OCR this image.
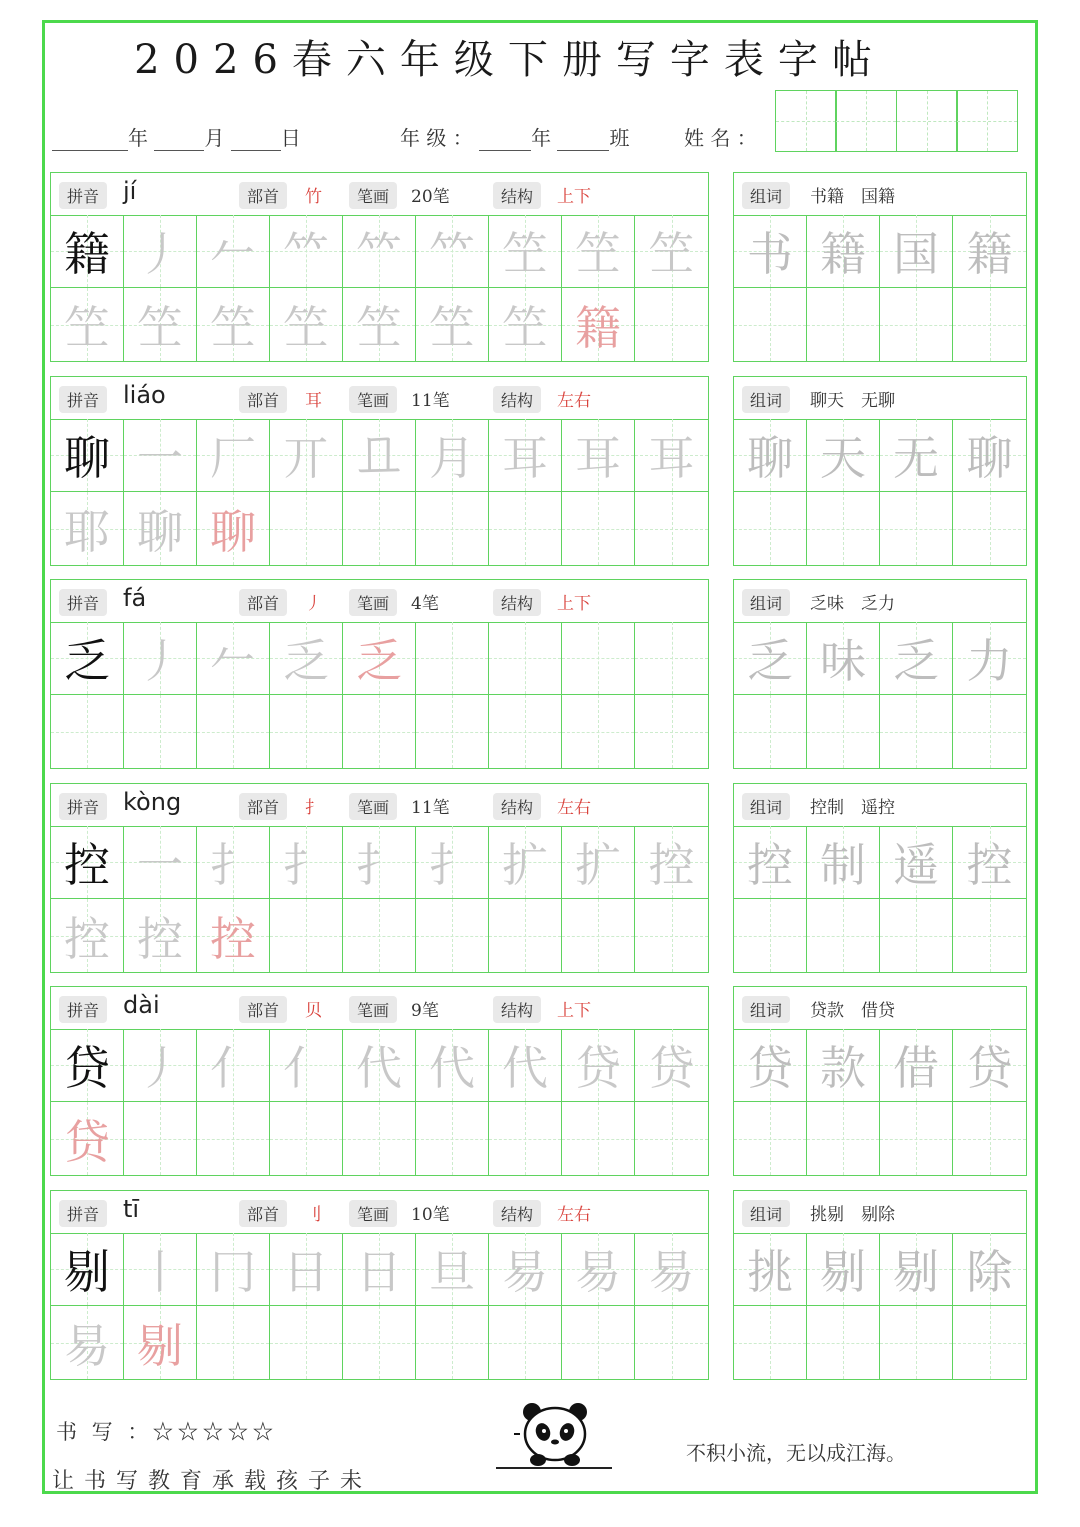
2026春六年级下册写字表字帖
年	月	日	年 级 ：	年	班	姓 名 ：
拼音 jí	部首	竹	笔画	20笔	结构	上下
籍 丿 𠂉 𥫗 𥫗 𥫗 笁 笁 笁
笁 笁 笁 笁 笁 笁 笁 籍
组词	书籍　国籍
书 籍 国 籍
拼音 liáo	部首	耳	笔画	11笔	结构	左右
聊 一 厂 丌 𠀃 月 耳 耳 耳
耶 聊 聊
组词	聊天　无聊
聊 天 无 聊
拼音 fá	部首	丿	笔画	4笔	结构	上下
乏 丿 𠂉 乏 乏
组词	乏味　乏力
乏 味 乏 力
拼音 kòng	部首	扌	笔画	11笔	结构	左右
控 一 扌 扌 扌 扌 扩 扩 控
控 控 控
组词	控制　遥控
控 制 遥 控
拼音 dài	部首	贝	笔画	9笔	结构	上下
贷 丿 亻 亻 代 代 代 贷 贷
贷
组词	贷款　借贷
贷 款 借 贷
拼音 tī	部首	刂	笔画	10笔	结构	左右
剔 丨 冂 日 日 旦 易 易 易
易 剔
组词	挑剔　剔除
挑 剔 剔 除
书 写 ：☆☆☆☆☆
让书写教育承载孩子未
不积小流，无以成江海。
